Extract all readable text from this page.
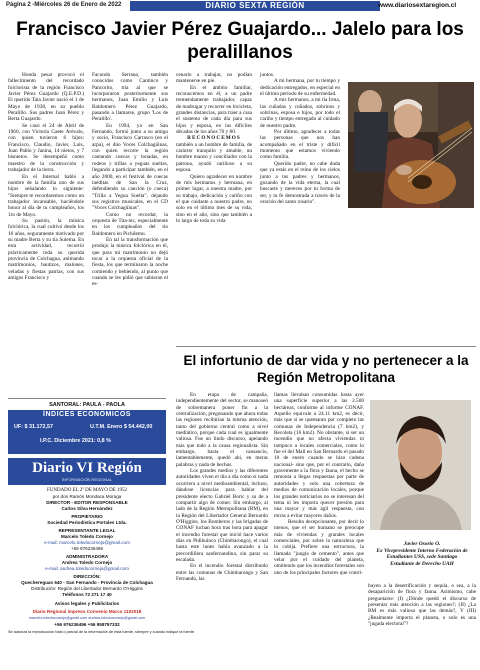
Página 2 -Miércoles 26 de Enero de 2022	DIARIO SEXTA REGIÓN	www.diariosextaregion.cl
Francisco Javier Pérez Guajardo... Jalelo para los peralillanos

Honda pesar provocó el fallecimiento del recordado folclorista de la región Francisco Javier Pérez Guajardo (Q.E.P.D.) El querido Tata Javier nació el 1 de Mayo de 1938, en su pueblo Peralillo. Sus padres Juan Pérez y Berta Guajardo.

Se casó el 24 de Abril de 1960, con Victoria Gaete Arévalo, con quien tuvieron 6 hijos: Francisco, Claudio, Javier, Luis, Juan Pablo y Janina, 14 nietos, y 7 bisnietos. Se desempeñó como maestro de la construcción y trabajador de la tierra.

En el Internal hablo a nombre de la familia uno de sus hijos señalando lo siguiente: "Siempre te recordaremos como un trabajador incansable, haciéndole honor al día de tu cumpleaños, los 1ro de Mayo.

Su pasión, la música folclórica, la cual cultivó desde los 16 años, seguramente motivado por su madre Berta y su tía Sulema. En esta actividad, recorrió prácticamente toda su querida provincia de Colchagua, animando matrimonios, bautizos, malones, veladas y fiestas patrias, con sus amigos Francisco y

Facundo Serrano, también conocidos como Cantinco y Pancorito, tría al que se incorporaron posteriormente sus hermanos, Juan Emilio y Luis Baldomero Pérez Guajardo, pasando a llamarse, grupo 'Los de Peralillo'.

En 1994, ya en San Fernando, formó junto a su amigo y socio, Francisco Carrasco (en el arpa), el dúo Voces Colchagüinas, con quien recorre la región cantando cuecas y tonadas, en rodeos y trillas a yeguas sueltas, llegando a participar también, en el año 2000, en el festival de cuecas inéditas de San la Cruz, defendiendo su canción (o cueca) "Trilla a Yegua Suelta", dejando sus registros musicales, en el CD "Voces Colchagüinas".

Como no recordar, la orquesta de Tita-nic, especialmente en los cumpleaños del tío Baldomero en Pichilemu.

En tal la transformación que produjo la música folclórica en él, que para mi matrimonio no dejó tocar a la orquesta oficial de la fiesta, los que terminaron la noche comiendo y bebiendo, al punto que cuando se les pidió que subieran el es-

cenario a trabajar, no podían mantenerse en pie.

En el ámbito familiar, reconocemos en él, a un padre tremendamente trabajador, capaz de madrugar y recorrer en bicicleta, grandes distancias, para traer a casa el sustento de cada día para sus hijos y esposa, en las difíciles décadas de los años 70 y 80.

RECONOCEMOS

también a un hombre de familia, de carácter tranquilo y amable, un hombre manso y conciliador con la patrona, ayudó cariñoso a su esposa.

Quiero agradecer en nombre de mis hermanos y hermana, en primer lugar, a nuestra madre, por su trabajo, dedicación y cariño con el que cuidaste a nuestro padre, no solo en el último mes de su vida, sino en el año, sino que también a lo largo de toda su vida

juntos.

A mi hermana, por tu tiempo y dedicación entregados, en especial en el último período de su enfermedad.

A mis hermanos, a mi tía Irma, las cuñadas y cuñados, sobrinos y sobrinas, esposa e hijos, por todo el cariño y tiempo entregado al cuidado de nuestro padre.

Por último, agradecer a todas las personas que nos han acompañado en el triste y difícil momento que estamos viviendo como familia.

Querido padre, no cabe duda que ya estás en el reino de los cielos junto a tus padres y hermanos, gozando de la vida eterna, la cual buscaste y mereces por tu forma de ser, y tu fe demostrada a través de la oración del santo rosario".

El infortunio de dar vida y no pertenecer a la Región Metropolitana

En etapa de campaña, independientemente del sector, se manoseó de sobremanera poner fin a la centralización, pregonando que ahora todas las regiones recibirían la misma atención, tanto del gobierno central como a nivel mediático, porque cada cual es igualmente valiosa. Fue un lindo discurso, apelando más que todo a la causa regionalista. Sin embargo, hasta el cansancio, lamentablemente, quedó ahí, en meras palabras y nada de hechos.

Los grandes medios y las diferentes autoridades viven el día a día como si nada ocurriera a nivel medioambiental, incluso, dándose licencias para hablar del presidente electo Gabriel Boric y su de a compartir algo de comer. Sin embargo, al lado de la Región Metropolitana (RM), en la Región del Libertador General Bernardo O'Higgins, los Bomberos y las brigadas de CONAF luchan hora tras hora para apagar el incendio forestal que inició hace varios días en Pidihuinco (Chimbarongo), el cual hasta este lunes había avanzado a la precordillera sanfernandina, sin parar su escalada.

En el incendio forestal distribuido entre las comunas de Chimbarongo y San Fernando, las

llamas llevaban consumidas hasta ayer una superficie superior a las 2.500 hectáreas, conforme al informe CONAF. Aquello equivale a 24.11 km2, es decir, más que si se quemaran por completo las comunas de Independencia (7 km2), y Recoleta (16 km2). No obstante, si ser un incendio que no afecta viviendas ni tampoco a locales comerciales, como lo fue el del Mall en San Bernardo el pasado 10 de enero cuando se hizo cadena nacional- sino que, por el contrario, daña gravemente a la flora y fauna, el hecho se remonta a llegas respuestas por parte de autoridades y solo una cobertura de medios de comunicación locales, porque los grandes noticiarios no se interesan del tema ni les importa quecer presión para una mayor y más ágil respuesta, con miras a evitar mayores daños.

Resulta decepcionante, por decir lo menos, que el ser humano se preocupe más de viviendas y grandes locales comerciales, por sobre la naturaleza que lo cobija. Prefiere una estructura, la llamada "jungla de cemento", antes que velar por el cuidado del planeta, omitiendo que los incendios forestales son uno de los principales factores que contri-

Javier Osorio O.
Ex Vicepresidente Interno Federación de Estudiantes USS, sede Santiago
Estudiante de Derecho UAH

buyen a la desertificación y sequía, o sea, a la desaparición de flora y fauna. Asimismo, cabe preguntarse: (I) ¿Dónde quedó el discurso de presentar más atención a las regiones?; (II) ¿La RM es más valiosa que las demás?, Y (III) ¿Realmente importa el planeta, o solo es una "jugada electoral"?

SANTORAL: PAULA - PAOLA
ÍNDICES ECONÓMICOS
UF: $ 31.172,57	U.T.M. Enero $ 54.442,00
I.P.C. Diciembre 2021: 0,8 %
Diario VI Región
INFORMACIÓN REGIONAL
FUNDADO EL 2º DE MAYO DE 1952
por don Ramón Mondaca Moraga
DIRECTOR - EDITOR RESPONSABLE
Carlos Silva Hernández
PROPIETARIO
Sociedad Periodística Portales Ltda.
REPRESENTANTE LEGAL
Marcelo Toledo Cornejo
e-mail: marcelo.toledocornejo@gmail.com
+56 976236496
ADMINISTRADORA
Andrea Toledo Cornejo
e-mail: andrea.toledocornejo@gmail.com
DIRECCIÓN:
Quechereguas 640 - San Fernando - Provincia de Colchagua
Distribución: Región del Libertador Bernardo O'Higgins
Teléfonos 72 271 17 40
Avisos legales y Publicitarios
Diario Regional impreso Convenio Marco 1102018
marcelo.toledocornejo@gmail.com andrea.toledocornejo@gmail.com
+56 976236496 +56 958797332
Se autoriza la reproducción total o parcial de la información de esta fuente, siempre y cuando indique la fuente.
